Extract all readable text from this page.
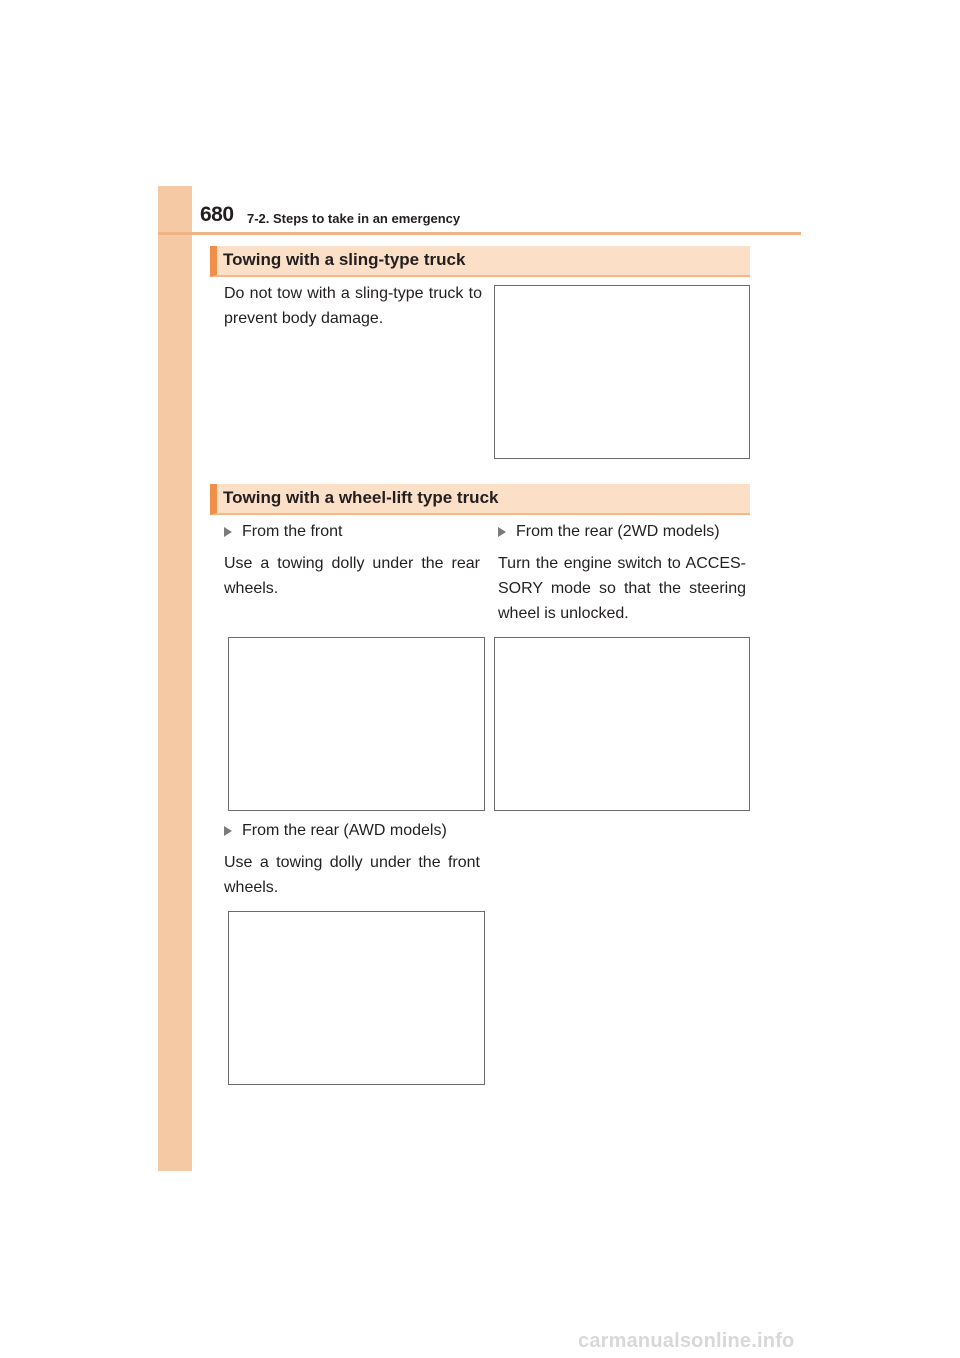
680 7-2. Steps to take in an emergency
Towing with a sling-type truck
Do not tow with a sling-type truck to prevent body damage.
Towing with a wheel-lift type truck
From the front
Use a towing dolly under the rear wheels.
From the rear (2WD models)
Turn the engine switch to ACCES-
SORY mode so that the steering
wheel is unlocked.
From the rear (AWD models)
Use a towing dolly under the front wheels.
carmanualsonline.info
